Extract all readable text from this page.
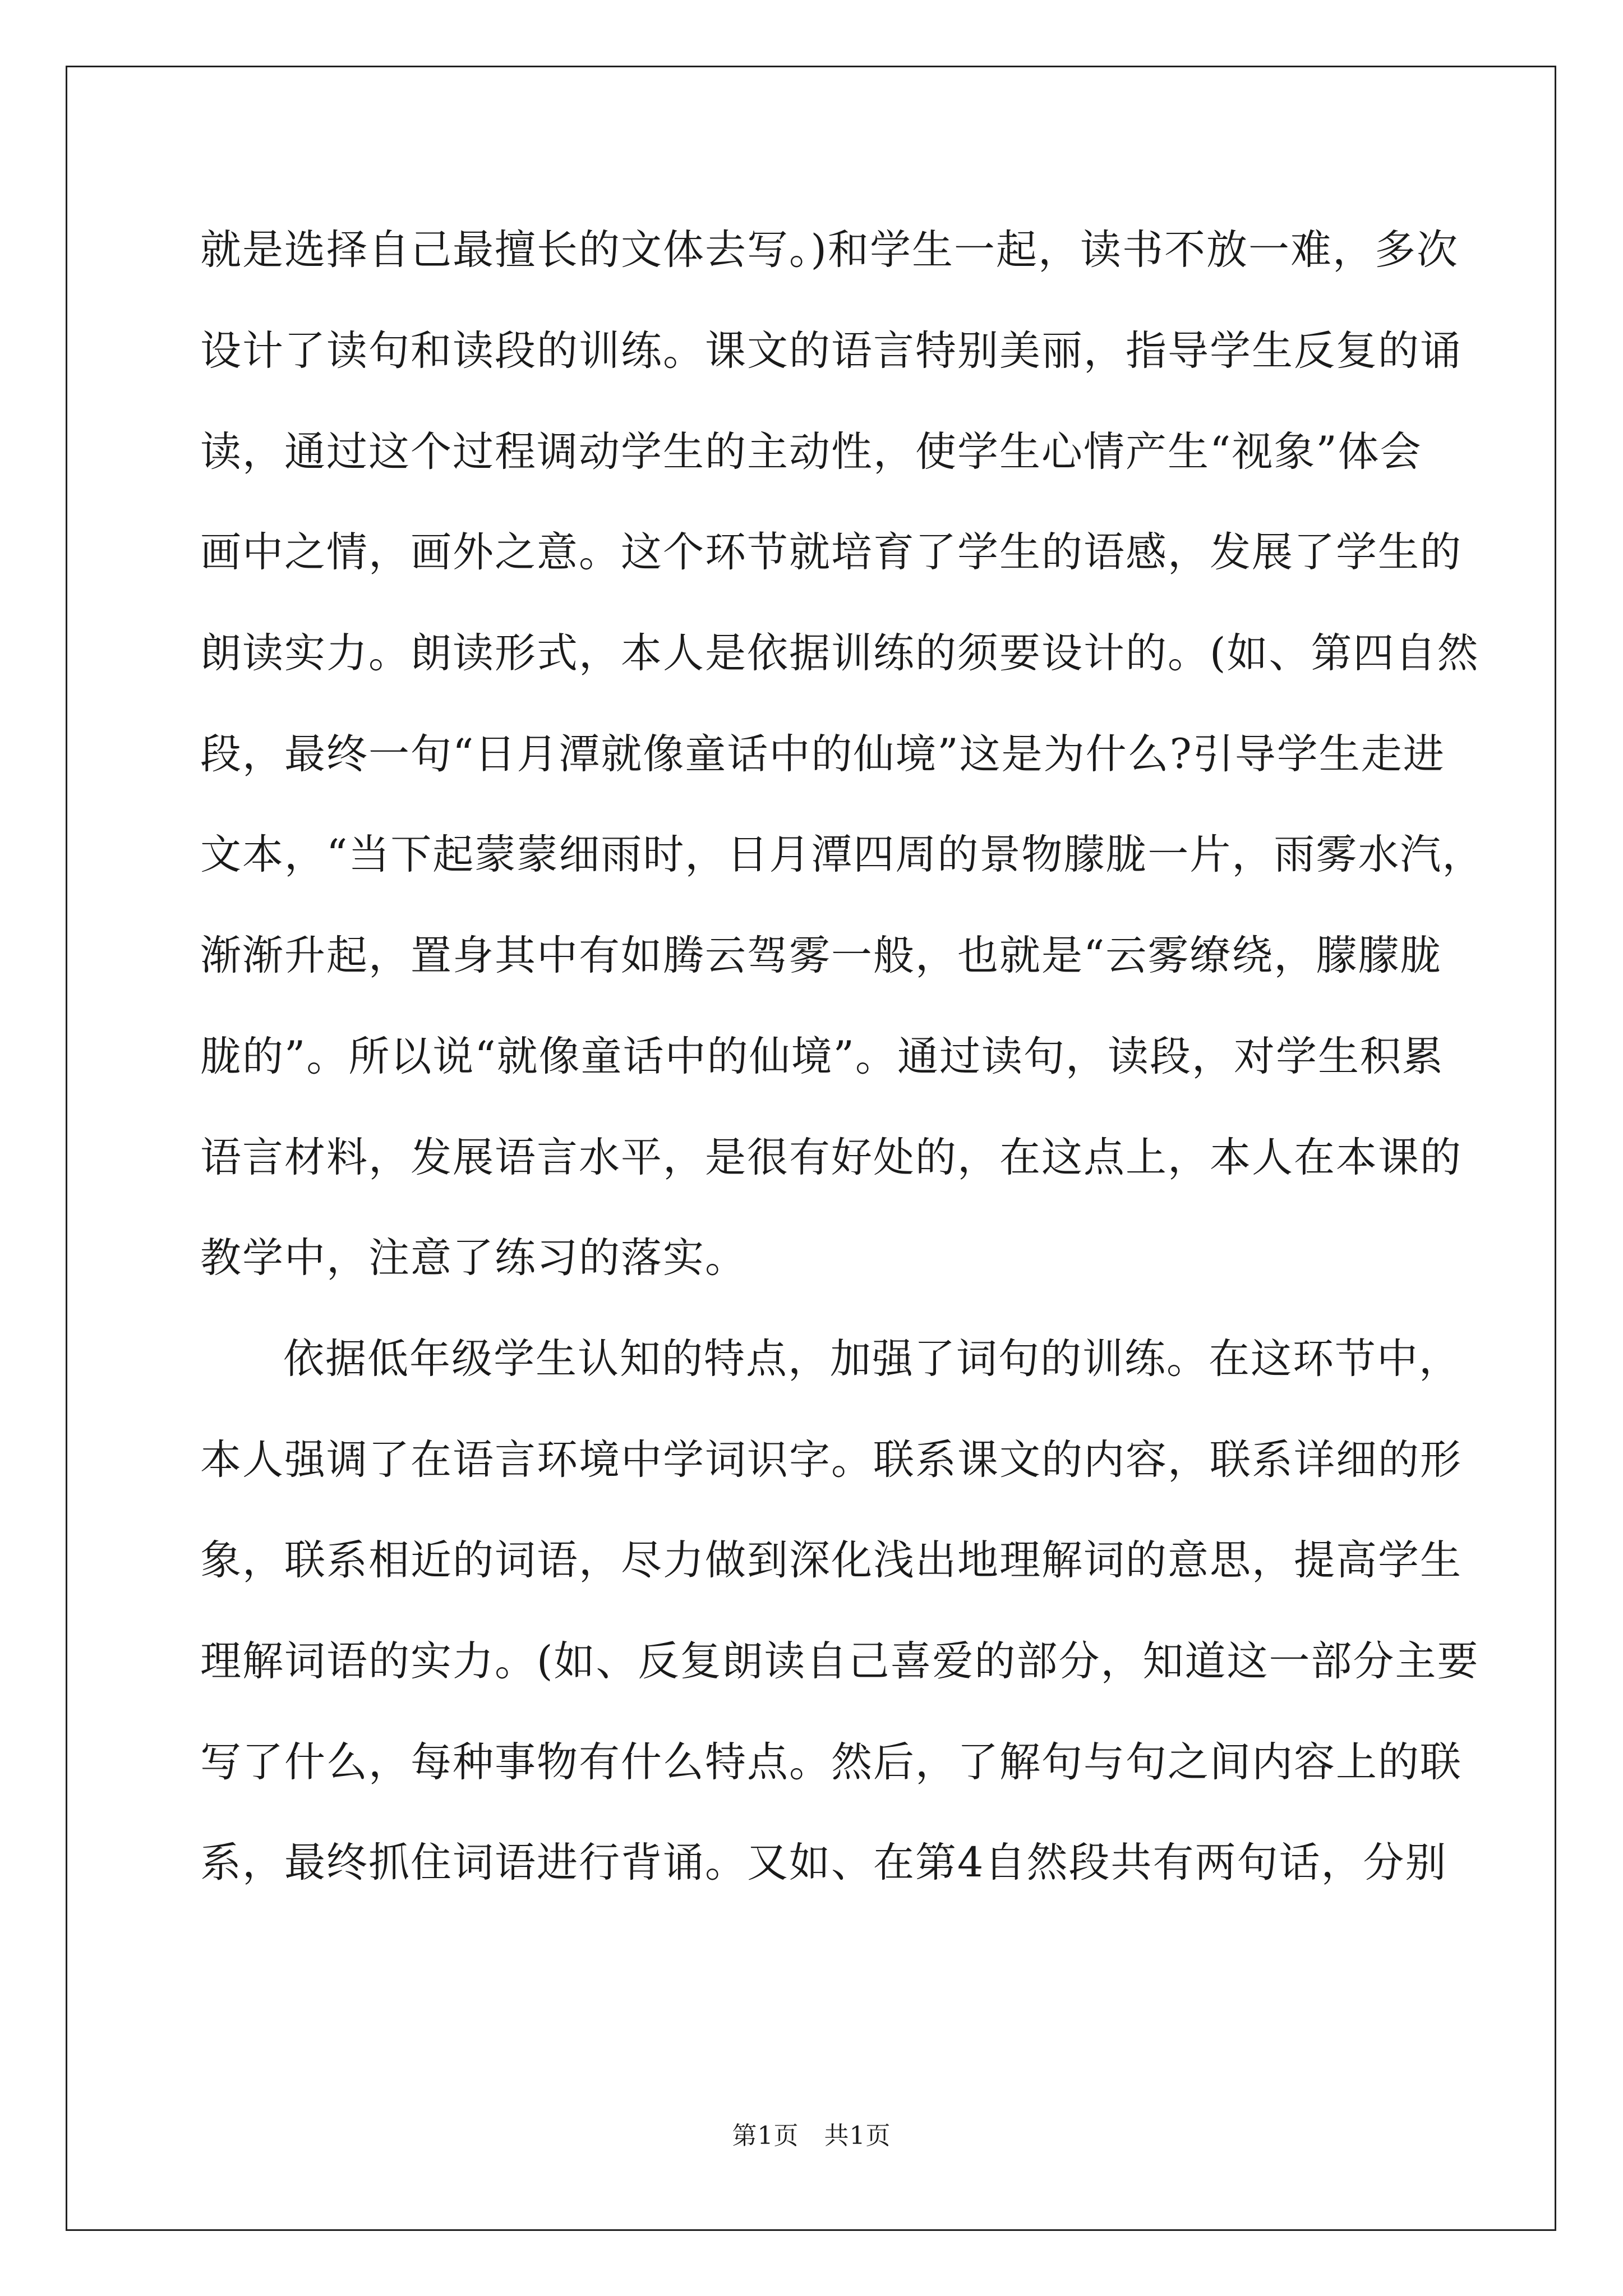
就是选择自己最擅长的文体去写。)和学生一起，读书不放一难，多次
设计了读句和读段的训练。课文的语言特别美丽，指导学生反复的诵
读，通过这个过程调动学生的主动性，使学生心情产生“视象”体会
画中之情，画外之意。这个环节就培育了学生的语感，发展了学生的
朗读实力。朗读形式，本人是依据训练的须要设计的。(如、第四自然
段，最终一句“日月潭就像童话中的仙境”这是为什么?引导学生走进
文本，“当下起蒙蒙细雨时，日月潭四周的景物朦胧一片，雨雾水汽，
渐渐升起，置身其中有如腾云驾雾一般，也就是“云雾缭绕，朦朦胧
胧的”。所以说“就像童话中的仙境”。通过读句，读段，对学生积累
语言材料，发展语言水平，是很有好处的，在这点上，本人在本课的
教学中，注意了练习的落实。
依据低年级学生认知的特点，加强了词句的训练。在这环节中，
本人强调了在语言环境中学词识字。联系课文的内容，联系详细的形
象，联系相近的词语，尽力做到深化浅出地理解词的意思，提高学生
理解词语的实力。(如、反复朗读自己喜爱的部分，知道这一部分主要
写了什么，每种事物有什么特点。然后，了解句与句之间内容上的联
系，最终抓住词语进行背诵。又如、在第4自然段共有两句话，分别
第1页　共1页
